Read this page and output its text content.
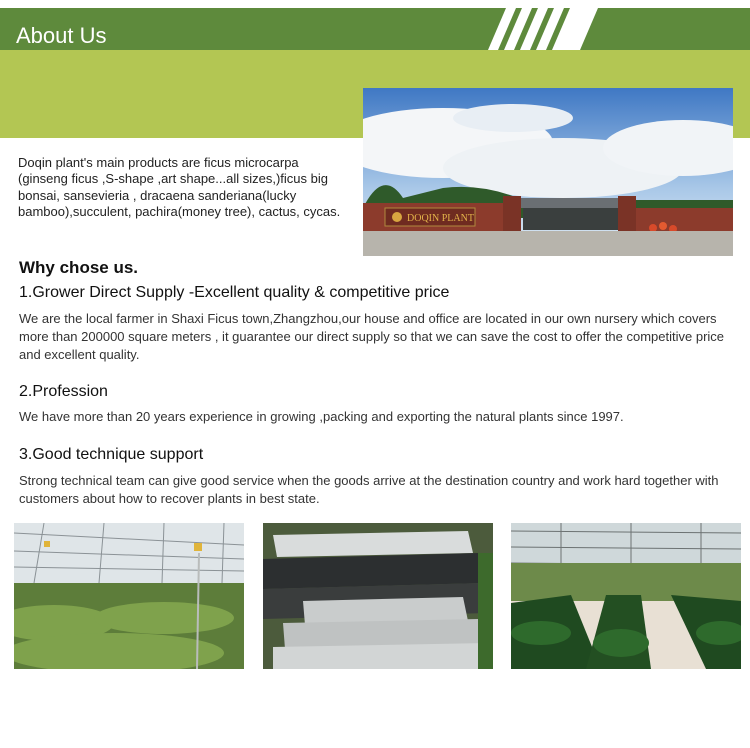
About Us
DOQIN PLANT
Doqin plant's main products are ficus microcarpa (ginseng ficus ,S-shape ,art shape...all sizes,)ficus big bonsai, sansevieria , dracaena sanderiana(lucky bamboo),succulent, pachira(money tree), cactus, cycas.
Why chose us.
1.Grower Direct Supply -Excellent quality & competitive price
We are the local farmer in Shaxi Ficus town,Zhangzhou,our house and office are located in our own nursery which covers more than 200000 square meters , it guarantee our direct supply so that we can save the cost to offer the competitive price and excellent quality.
2.Profession
We have more than 20 years experience in growing ,packing and exporting the natural plants since 1997.
3.Good technique support
Strong technical team can give good service when the goods arrive at the destination country and work hard together with customers about how to recover plants in best state.
